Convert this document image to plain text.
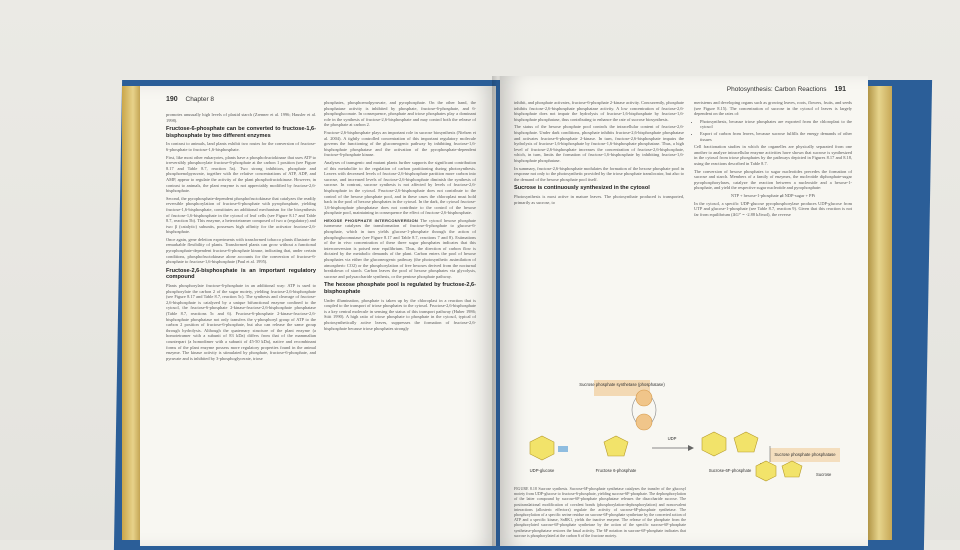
190 Chapter 8

promotes unusually high levels of plastid starch (Zrenner et al. 1996; Hausler et al. 1998).

Fructose-6-phosphate can be converted to fructose-1,6-bisphosphate by two different enzymes

In contrast to animals, land plants exhibit two routes for the conversion of fructose-6-phosphate to fructose-1,6-bisphosphate.

First, like most other eukaryotes, plants have a phosphofructokinase that uses ATP to irreversibly phosphorylate fructose-6-phosphate at the carbon 1 position (see Figure 8.17 and Table 8.7, reaction 5a). Two strong inhibitors, phosphate and phosphoenolpyruvate, together with the relative concentrations of ATP, ADP, and AMP, appear to regulate the activity of the plant phosphofructokinase. However, in contrast to animals, the plant enzyme is not appreciably modified by fructose-2,6-bisphosphate.

Second, the pyrophosphate-dependent phosphofructokinase that catalyzes the readily reversible phosphorylation of fructose-6-phosphate with pyrophosphate, yielding fructose-1,6-bisphosphate, constitutes an additional mechanism for the biosynthesis of fructose-1,6-bisphosphate in the cytosol of leaf cells (see Figure 8.17 and Table 8.7, reaction 5b). This enzyme, a heterotetramer composed of two α (regulatory) and two β (catalytic) subunits, possesses high affinity for the activator fructose-2,6-bisphosphate.

Once again, gene deletion experiments with transformed tobacco plants illustrate the remarkable flexibility of plants. Transformed plants can grow without a functional pyrophosphate-dependent fructose-6-phosphate kinase, indicating that, under certain conditions, phosphofructokinase alone accounts for the conversion of fructose-6-phosphate to fructose-1,6-bisphosphate (Paul et al. 1995).

Fructose-2,6-bisphosphate is an important regulatory compound

Plants phosphorylate fructose-6-phosphate in an additional way: ATP is used to phosphorylate the carbon 2 of the sugar moiety, yielding fructose-2,6-bisphosphate (see Figure 8.17 and Table 8.7, reaction 5c). The synthesis and cleavage of fructose-2,6-bisphosphate is catalyzed by a unique bifunctional enzyme confined to the cytosol, the fructose-6-phosphate 2-kinase-fructose-2,6-bisphosphate phosphatase (Table 8.7, reactions 5c and 6). Fructose-6-phosphate 2-kinase-fructose-2,6-bisphosphate phosphatase not only transfers the γ-phosphoryl group of ATP to the carbon 2 position of fructose-6-phosphate, but also can release the same group through hydrolysis. Although the quaternary structure of the plant enzyme (a homotetramer with a subunit of 83 kDa) differs from that of the mammalian counterpart (a homodimer with a subunit of 45-50 kDa), native and recombinant forms of the plant enzyme possess more regulatory properties found in the animal enzyme. The kinase activity is stimulated by phosphate, fructose-6-phosphate, and pyruvate and is inhibited by 3-phosphoglycerate, triose

phosphates, phosphoenolpyruvate, and pyrophosphate. On the other hand, the phosphatase activity is inhibited by phosphate, fructose-6-phosphate, and 6-phosphogluconate. In consequence, phosphate and triose phosphates play a dominant role in the synthesis of fructose-2,6-bisphosphate and may control both the release of the phosphate at carbon 2.

Fructose-2,6-bisphosphate plays an important role in sucrose biosynthesis (Nielsen et al. 2004). A tightly controlled concentration of this important regulatory molecule governs the functioning of the gluconeogenic pathway by inhibiting fructose-1,6-bisphosphate phosphatase and the activation of the pyrophosphate-dependent fructose-6-phosphate kinase.

Analyses of transgenic and mutant plants further supports the significant contribution of this metabolite to the regulation of carbon partitioning during photosynthesis. Leaves with decreased levels of fructose-2,6-bisphosphate partition more carbon into sucrose, and increased levels of fructose-2,6-bisphosphate diminish the synthesis of sucrose. In contrast, sucrose synthesis is not affected by levels of fructose-2,6-bisphosphate in the cytosol. Fructose-2,6-bisphosphate does not contribute to the control of the hexose phosphate pool, and in these cases the chloroplast must hold back in the pool of hexose phosphates in the cytosol. In the dark, the cytosol fructose-1,6-bisphosphate phosphatase does not contribute to the control of the hexose phosphate pool, maintaining in consequence the effect of fructose-2,6-bisphosphate.

HEXOSE PHOSPHATE INTERCONVERSION The cytosol hexose phosphate isomerase catalyzes the transformation of fructose-6-phosphate to glucose-6-phosphate, which in turn yields glucose-1-phosphate through the action of phosphoglucomutase (see Figure 8.17 and Table 8.7, reactions 7 and 8). Estimations of the in vivo concentration of these three sugar phosphates indicates that this interconversion is poised near equilibrium. Thus, the direction of carbon flow is dictated by the metabolic demands of the plant. Carbon enters the pool of hexose phosphates via either the gluconeogenic pathway (the photosynthetic assimilation of atmospheric CO2) or the phosphorylation of free hexoses derived from the nocturnal breakdown of starch. Carbon leaves the pool of hexose phosphates via glycolysis, sucrose and polysaccharide synthesis, or the pentose phosphate pathway.

The hexose phosphate pool is regulated by fructose-2,6-bisphosphate

Under illumination, phosphate is taken up by the chloroplast in a reaction that is coupled to the transport of triose phosphates to the cytosol. Fructose-2,6-bisphosphate is a key central molecule in sensing the status of this transport pathway (Huber 1986; Stitt 1990). A high ratio of triose phosphate to phosphate in the cytosol, typical of photosynthetically active leaves, suppresses the formation of fructose-2,6-bisphosphate because triose phosphates strongly

Photosynthesis: Carbon Reactions 191

inhibit, and phosphate activates, fructose-6-phosphate 2-kinase activity. Concurrently, phosphate inhibits fructose-2,6-bisphosphate phosphatase activity. A low concentration of fructose-2,6-bisphosphate does not impair the hydrolysis of fructose-1,6-bisphosphate by fructose-1,6-bisphosphate phosphatase, thus contributing to enhance the rate of sucrose biosynthesis.

The status of the hexose phosphate pool controls the intracellular content of fructose-2,6-bisphosphate. Under dark conditions, phosphate inhibits fructose-2,6-bisphosphate phosphatase and activates fructose-6-phosphate 2-kinase. In turn, fructose-2,6-bisphosphate impairs the hydrolysis of fructose-1,6-bisphosphate by fructose-1,6-bisphosphate phosphatase. Thus, a high level of fructose-2,6-bisphosphate increases the concentration of fructose-2,6-bisphosphate, which, in turn, limits the formation of fructose-1,6-bisphosphate by inhibiting fructose-1,6-bisphosphate phosphatase.

In summary, fructose-2,6-bisphosphate modulates the formation of the hexose phosphate pool in response not only to the photosynthetic provided by the triose phosphate translocator, but also to the demand of the hexose phosphate pool itself.

Sucrose is continuously synthesized in the cytosol

Photosynthesis is most active in mature leaves. The photosynthate produced is transported, primarily as sucrose, to

meristems and developing organs such as growing leaves, roots, flowers, fruits, and seeds (see Figure 8.15). The concentration of sucrose in the cytosol of leaves is largely dependent on the rates of:

• Photosynthesis, because triose phosphates are exported from the chloroplast to the cytosol
• Export of carbon from leaves, because sucrose fulfills the energy demands of other tissues

Cell fractionation studies in which the organelles are physically separated from one another to analyze intracellular enzyme activities have shown that sucrose is synthesized in the cytosol from triose phosphates by the pathways depicted in Figures 8.17 and 8.18, using the reactions described in Table 8.7.

The conversion of hexose phosphates to sugar nucleotides precedes the formation of sucrose and starch. Members of a family of enzymes, the nucleotide diphosphate-sugar pyrophosphorylases, catalyze the reaction between a nucleoside and a hexose-1-phosphate, and yield the respective sugar nucleotide and pyrophosphate:

NTP + hexose-1-phosphate ⇌ NDP-sugar + PPi

In the cytosol, a specific UDP-glucose pyrophosphorylase produces UDP-glucose from UTP and glucose-1-phosphate (see Table 8.7, reaction 9). Given that this reaction is not far from equilibrium (ΔG°' = -2.88 kJ/mol), the reverse

Sucrose phosphate synthetase (phosphatase)
Sucrose phosphate phosphatase
UDP-glucose	Fructose 6-phosphate
UDP
Sucrose-6F-phosphate
Sucrose
FIGURE 8.18 Sucrose synthesis. Sucrose-6F-phosphate synthetase catalyzes the transfer of the glucosyl moiety from UDP-glucose to fructose-6-phosphate, yielding sucrose-6F-phosphate. The dephosphorylation of the latter compound by sucrose-6F-phosphate phosphatase releases the disaccharide sucrose. The posttranslational modification of covalent bonds (phosphorylation-dephosphorylation) and noncovalent interactions (allosteric effectors) regulate the activity of sucrose-6F-phosphate synthetase. The phosphorylation of a specific serine residue on sucrose-6F-phosphate synthetase by the concerted action of ATP and a specific kinase, SnRK1, yields the inactive enzyme. The release of the phosphate from the phosphorylated sucrose-6F-phosphate synthetase by the action of the specific sucrose-6F-phosphate synthetase-phosphatase restores the basal activity. The 6F notation in sucrose-6F-phosphate indicates that sucrose is phosphorylated at the carbon 6 of the fructose moiety.
